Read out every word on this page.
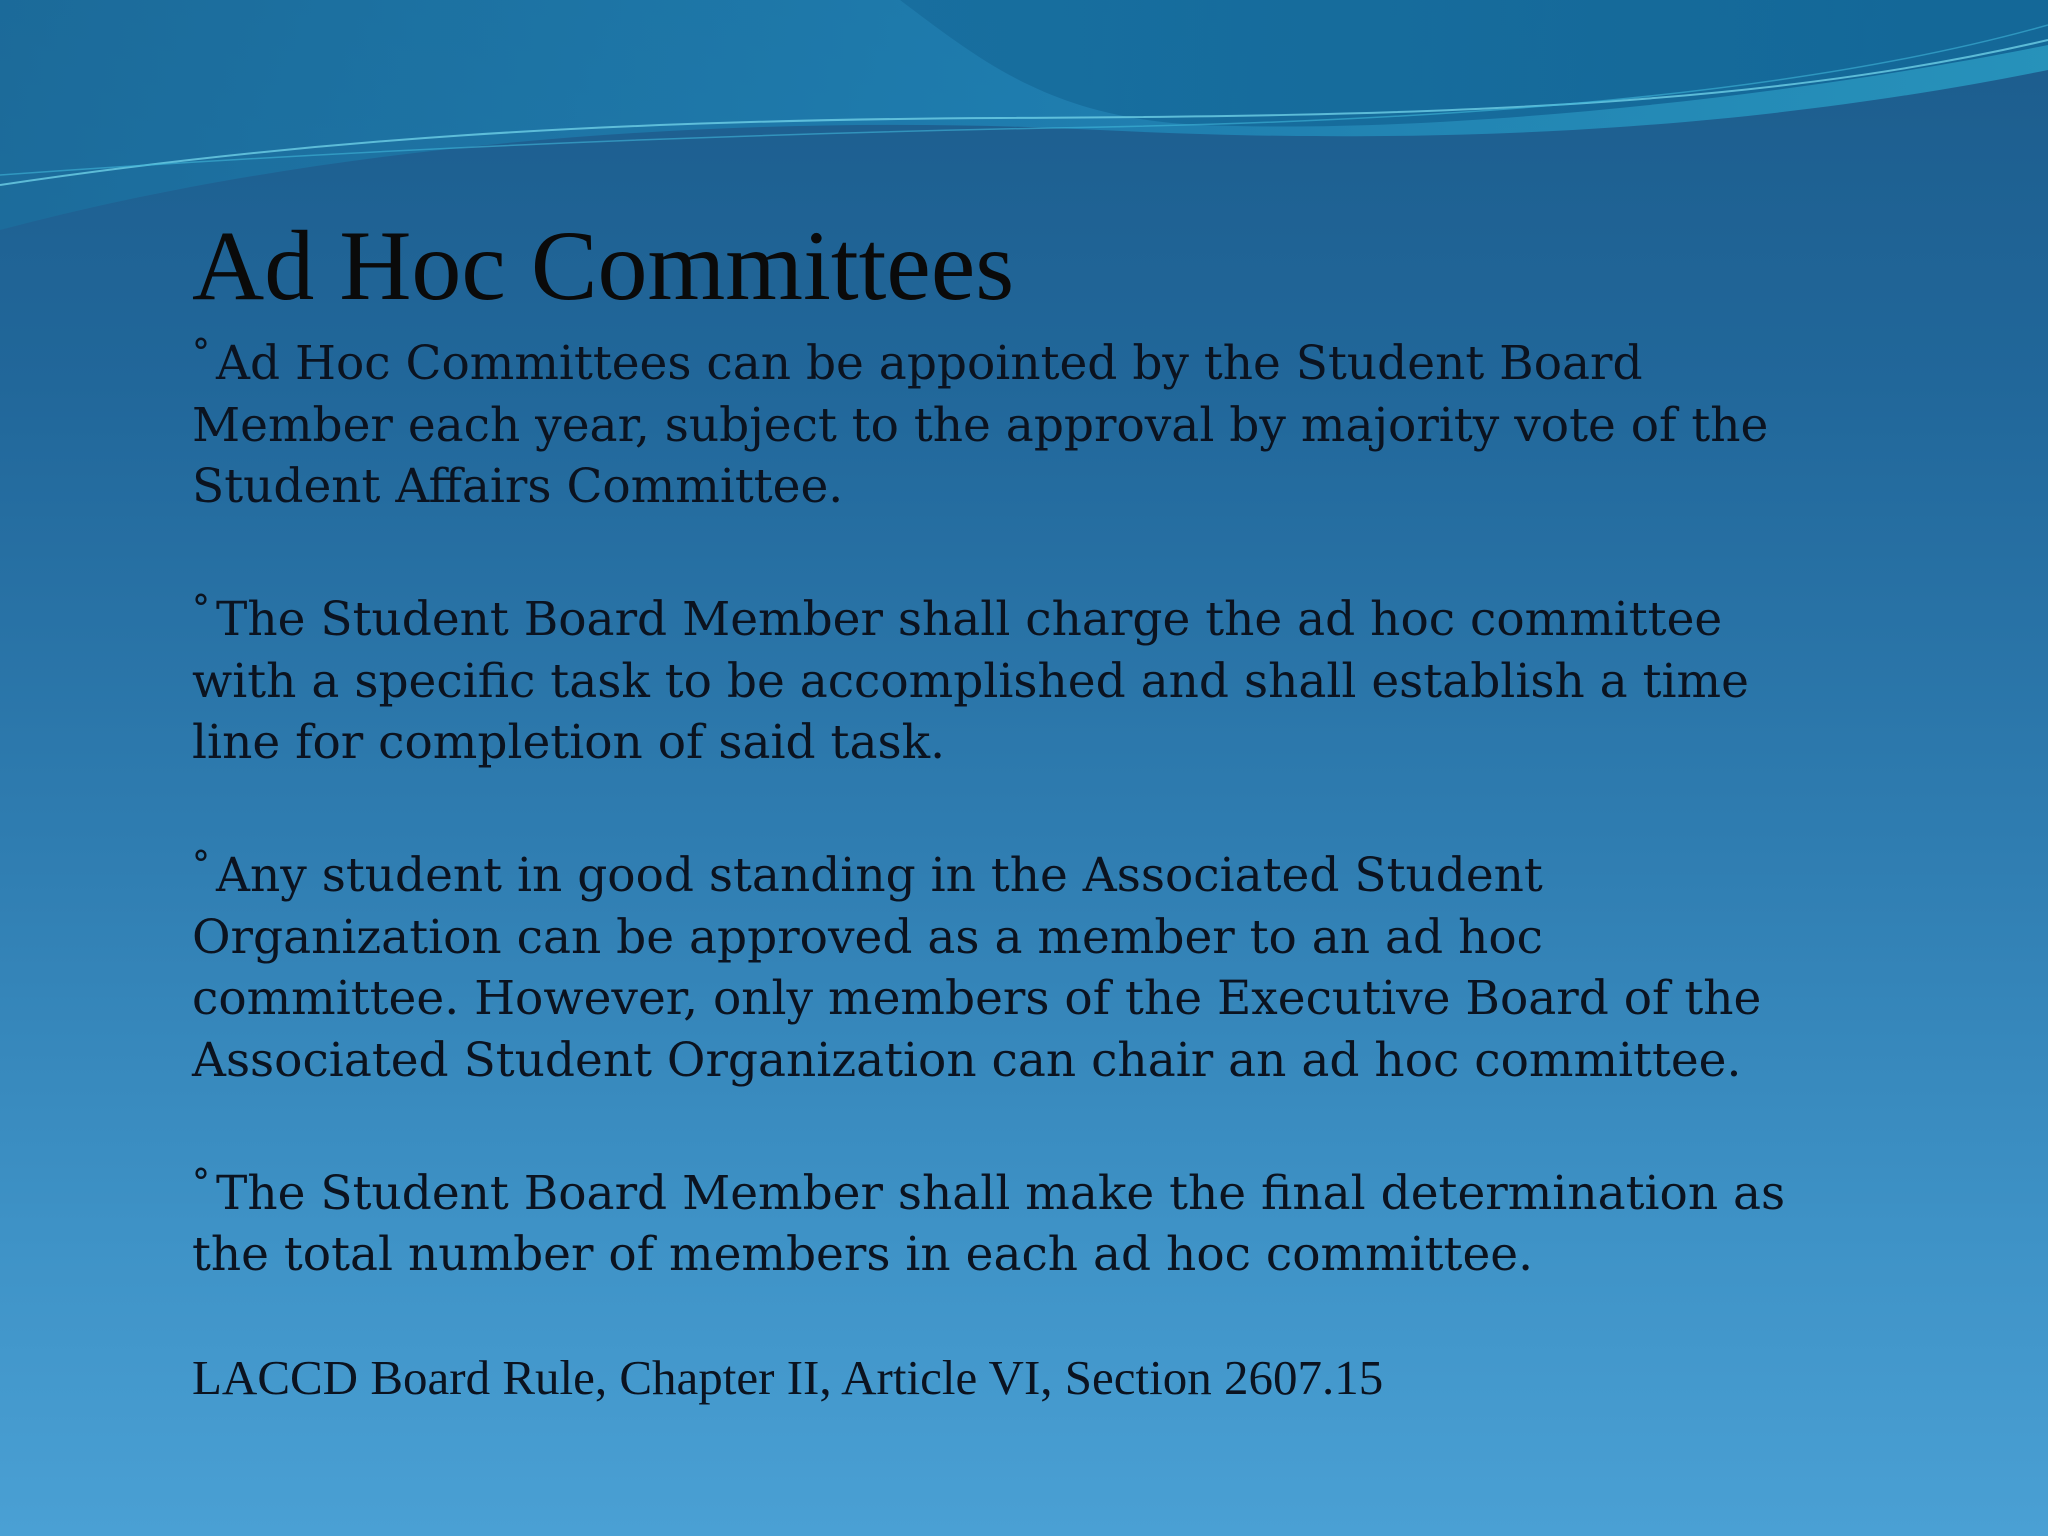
Ad Hoc Committees

° Ad Hoc Committees can be appointed by the Student Board Member each year, subject to the approval by majority vote of the Student Affairs Committee.

° The Student Board Member shall charge the ad hoc committee with a specific task to be accomplished and shall establish a time line for completion of said task.

° Any student in good standing in the Associated Student Organization can be approved as a member to an ad hoc committee. However, only members of the Executive Board of the Associated Student Organization can chair an ad hoc committee.

° The Student Board Member shall make the final determination as the total number of members in each ad hoc committee.

LACCD Board Rule, Chapter II, Article VI, Section 2607.15
